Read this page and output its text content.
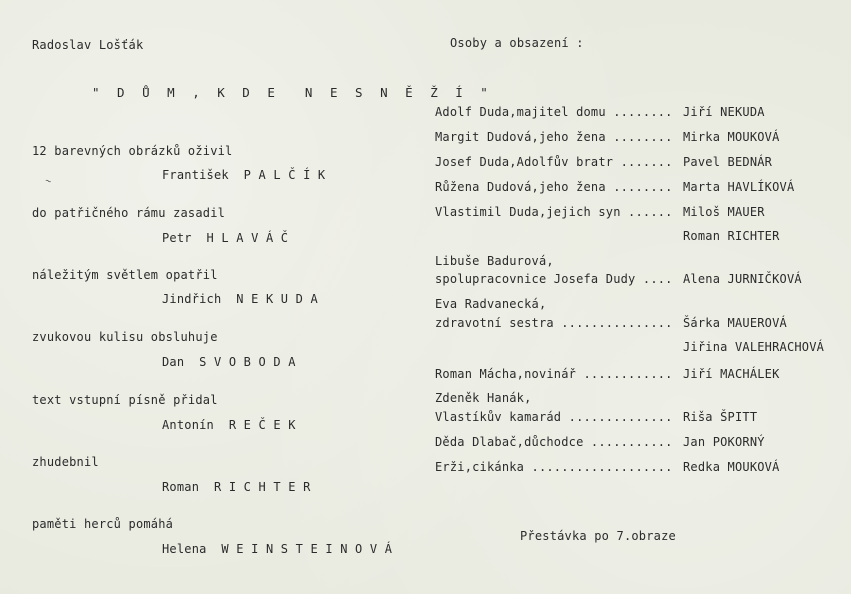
Radoslav Lošťák
" D Ů M , K D E  N E S N Ě Ž Í "
12 barevných obrázků oživil
František  P A L Č Í K
~
do patřičného rámu zasadil
Petr  H L A V Á Č
náležitým světlem opatřil
Jindřich  N E K U D A
zvukovou kulisu obsluhuje
Dan  S V O B O D A
text vstupní písně přidal
Antonín  R E Č E K
zhudebnil
Roman  R I C H T E R
paměti herců pomáhá
Helena  W E I N S T E I N O V Á
Osoby a obsazení :
Adolf Duda,majitel domu ........ Jiří NEKUDA
Margit Dudová,jeho žena ........ Mirka MOUKOVÁ
Josef Duda,Adolfův bratr ....... Pavel BEDNÁR
Růžena Dudová,jeho žena ........ Marta HAVLÍKOVÁ
Vlastimil Duda,jejich syn ...... Miloš MAUER
Roman RICHTER
Libuše Badurová,
spolupracovnice Josefa Dudy .... Alena JURNIČKOVÁ
Eva Radvanecká,
zdravotní sestra ............... Šárka MAUEROVÁ
Jiřina VALEHRACHOVÁ
Roman Mácha,novinář ............ Jiří MACHÁLEK
Zdeněk Hanák,
Vlastíkův kamarád .............. Riša ŠPITT
Děda Dlabač,důchodce ........... Jan POKORNÝ
Erži,cikánka ................... Redka MOUKOVÁ
Přestávka po 7.obraze
